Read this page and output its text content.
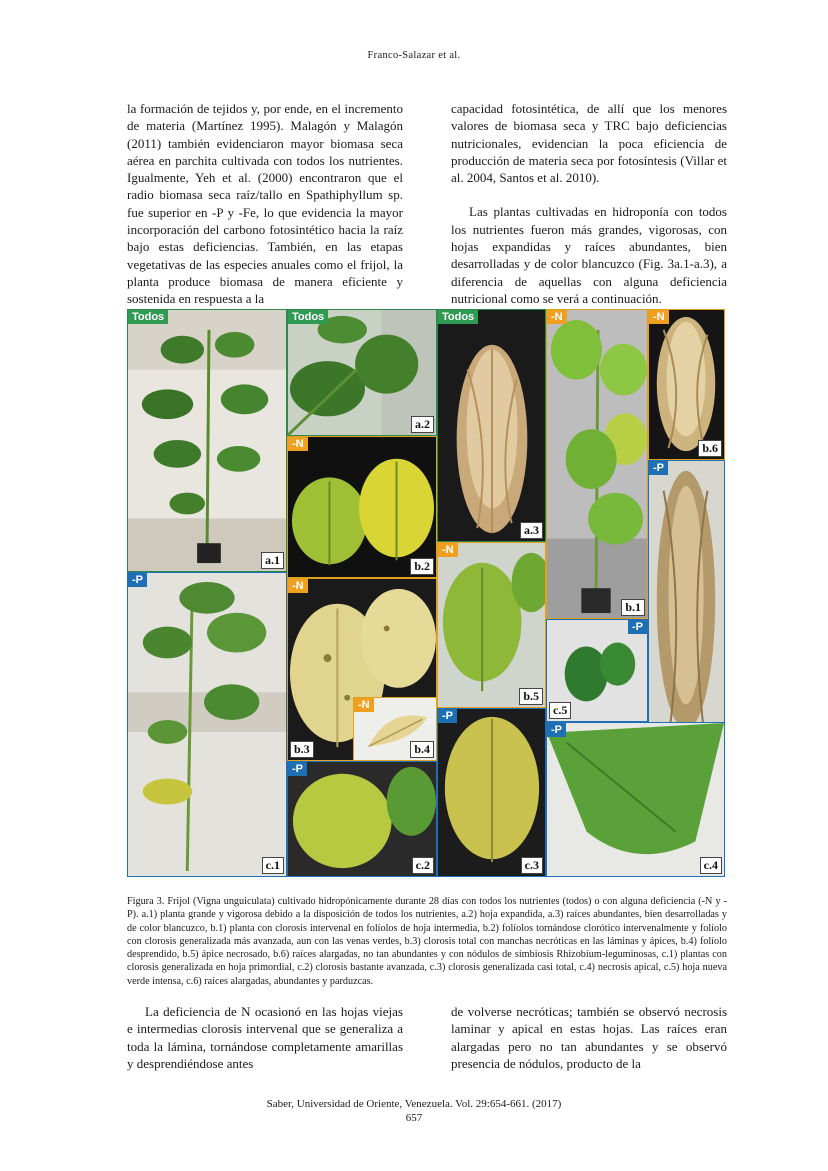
Franco-Salazar et al.

la formación de tejidos y, por ende, en el incremento de materia (Martínez 1995). Malagón y Malagón (2011) también evidenciaron mayor biomasa seca aérea en parchita cultivada con todos los nutrientes. Igualmente, Yeh et al. (2000) encontraron que el radio biomasa seca raíz/tallo en Spathiphyllum sp. fue superior en -P y -Fe, lo que evidencia la mayor incorporación del carbono fotosintético hacia la raíz bajo estas deficiencias. También, en las etapas vegetativas de las especies anuales como el frijol, la planta produce biomasa de manera eficiente y sostenida en respuesta a la

capacidad fotosintética, de allí que los menores valores de biomasa seca y TRC bajo deficiencias nutricionales, evidencian la poca eficiencia de producción de materia seca por fotosíntesis (Villar et al. 2004, Santos et al. 2010).

Las plantas cultivadas en hidroponía con todos los nutrientes fueron más grandes, vigorosas, con hojas expandidas y raíces abundantes, bien desarrolladas y de color blancuzco (Fig. 3a.1-a.3), a diferencia de aquellas con alguna deficiencia nutricional como se verá a continuación.

Todos
a.1
Todos
a.2
Todos
a.3
-N
b.1
-N
b.6
-N
b.2
-N
b.5
-P
-P
c.1
-N
b.3
-N
b.4
-P
c.5
-P
c.3
-P
c.4
-P
c.2
Figura 3. Frijol (Vigna unguiculata) cultivado hidropónicamente durante 28 días con todos los nutrientes (todos) o con alguna deficiencia (-N y -P). a.1) planta grande y vigorosa debido a la disposición de todos los nutrientes, a.2) hoja expandida, a.3) raíces abundantes, bien desarrolladas y de color blancuzco, b.1) planta con clorosis intervenal en folíolos de hoja intermedia, b.2) folíolos tornándose clorótico intervenalmente y folíolo con clorosis generalizada más avanzada, aun con las venas verdes, b.3) clorosis total con manchas necróticas en las láminas y ápices, b.4) folíolo desprendido, b.5) ápice necrosado, b.6) raíces alargadas, no tan abundantes y con nódulos de simbiosis Rhizobium-leguminosas, c.1) plantas con clorosis generalizada en hoja primordial, c.2) clorosis bastante avanzada, c.3) clorosis generalizada casi total, c.4) necrosis apical, c.5) hoja nueva verde intensa, c.6) raíces alargadas, abundantes y parduzcas.

La deficiencia de N ocasionó en las hojas viejas e intermedias clorosis intervenal que se generaliza a toda la lámina, tornándose completamente amarillas y desprendiéndose antes

de volverse necróticas; también se observó necrosis laminar y apical en estas hojas. Las raíces eran alargadas pero no tan abundantes y se observó presencia de nódulos, producto de la

Saber, Universidad de Oriente, Venezuela. Vol. 29:654-661. (2017)
657
